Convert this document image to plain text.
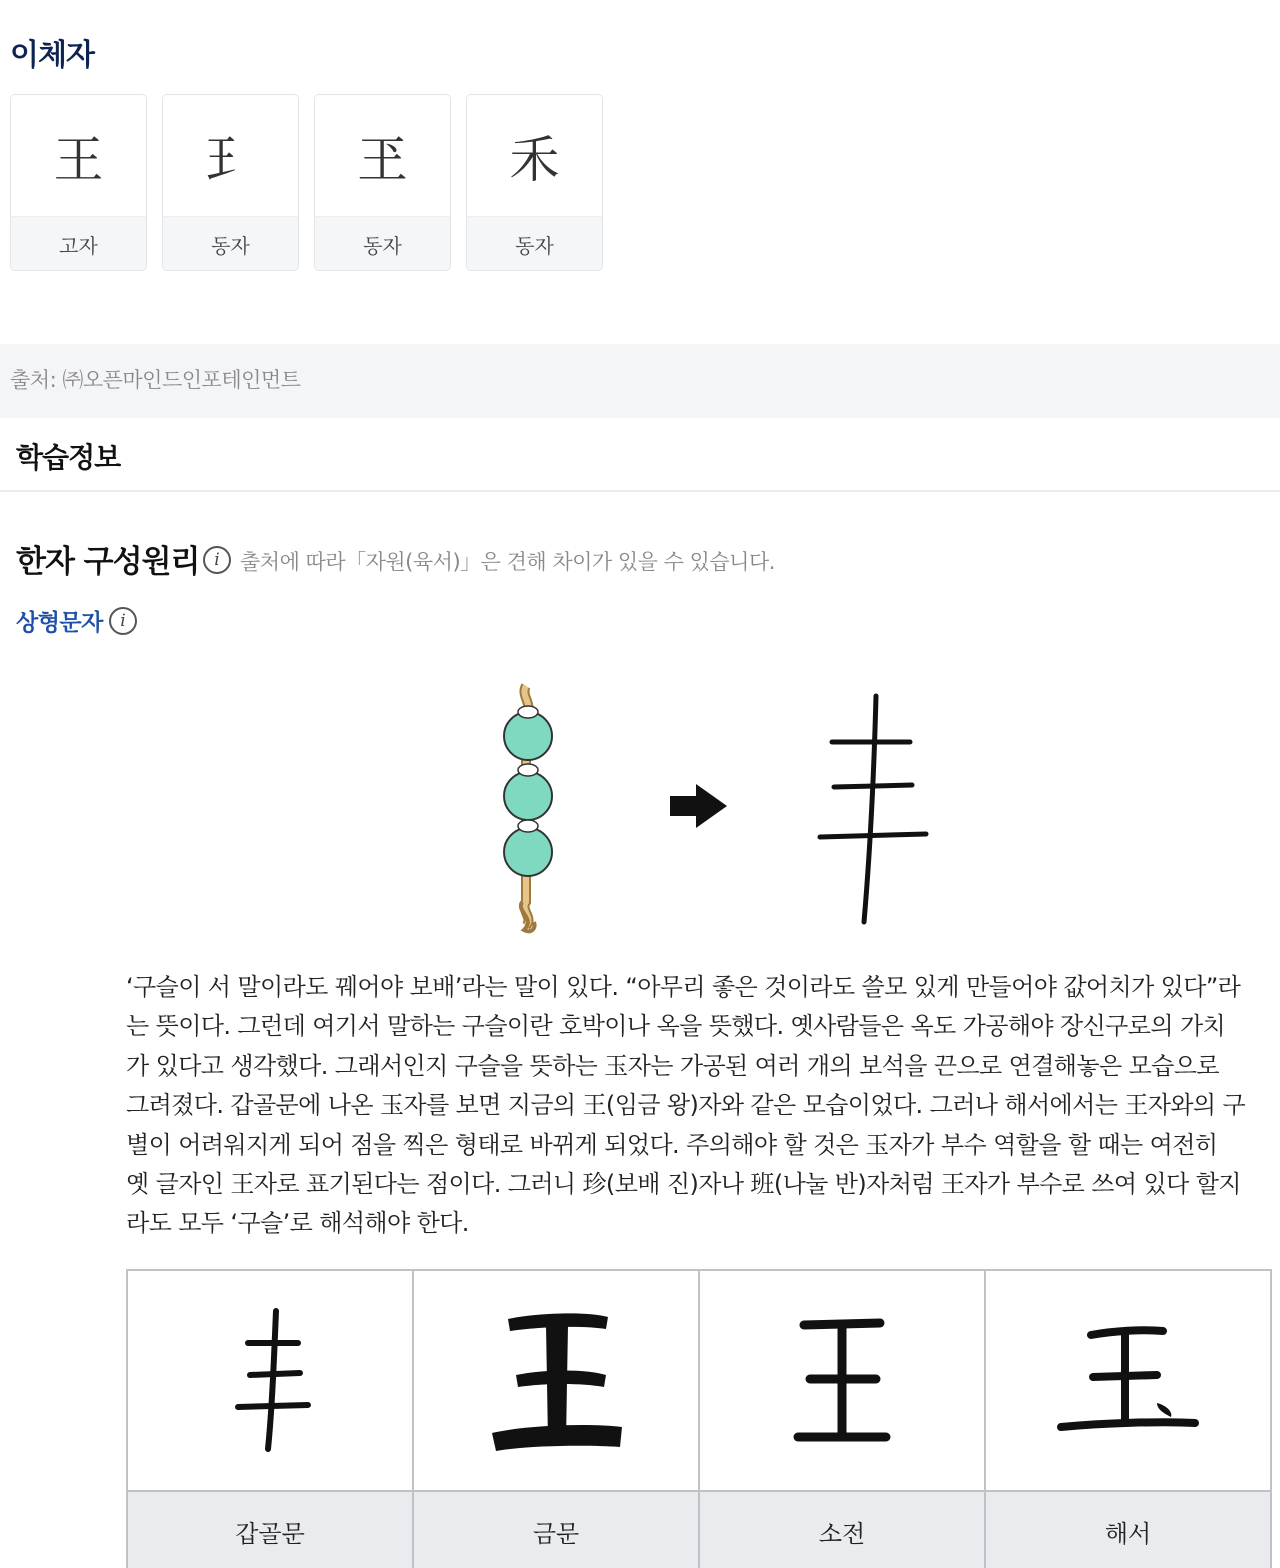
이체자
王
고자
𤣩
동자
玊
동자
禾
동자
출처: ㈜오픈마인드인포테인먼트
학습정보
한자 구성원리 i 출처에 따라「자원(육서)」은 견해 차이가 있을 수 있습니다.
상형문자	i
‘구슬이 서 말이라도 꿰어야 보배’라는 말이 있다. “아무리 좋은 것이라도 쓸모 있게 만들어야 값어치가 있다”라
는 뜻이다. 그런데 여기서 말하는 구슬이란 호박이나 옥을 뜻했다. 옛사람들은 옥도 가공해야 장신구로의 가치
가 있다고 생각했다. 그래서인지 구슬을 뜻하는 玉자는 가공된 여러 개의 보석을 끈으로 연결해놓은 모습으로
그려졌다. 갑골문에 나온 玉자를 보면 지금의 王(임금 왕)자와 같은 모습이었다. 그러나 해서에서는 王자와의 구
별이 어려워지게 되어 점을 찍은 형태로 바뀌게 되었다. 주의해야 할 것은 玉자가 부수 역할을 할 때는 여전히
옛 글자인 王자로 표기된다는 점이다. 그러니 珍(보배 진)자나 班(나눌 반)자처럼 王자가 부수로 쓰여 있다 할지
라도 모두 ‘구슬’로 해석해야 한다.

갑골문	금문	소전	해서
